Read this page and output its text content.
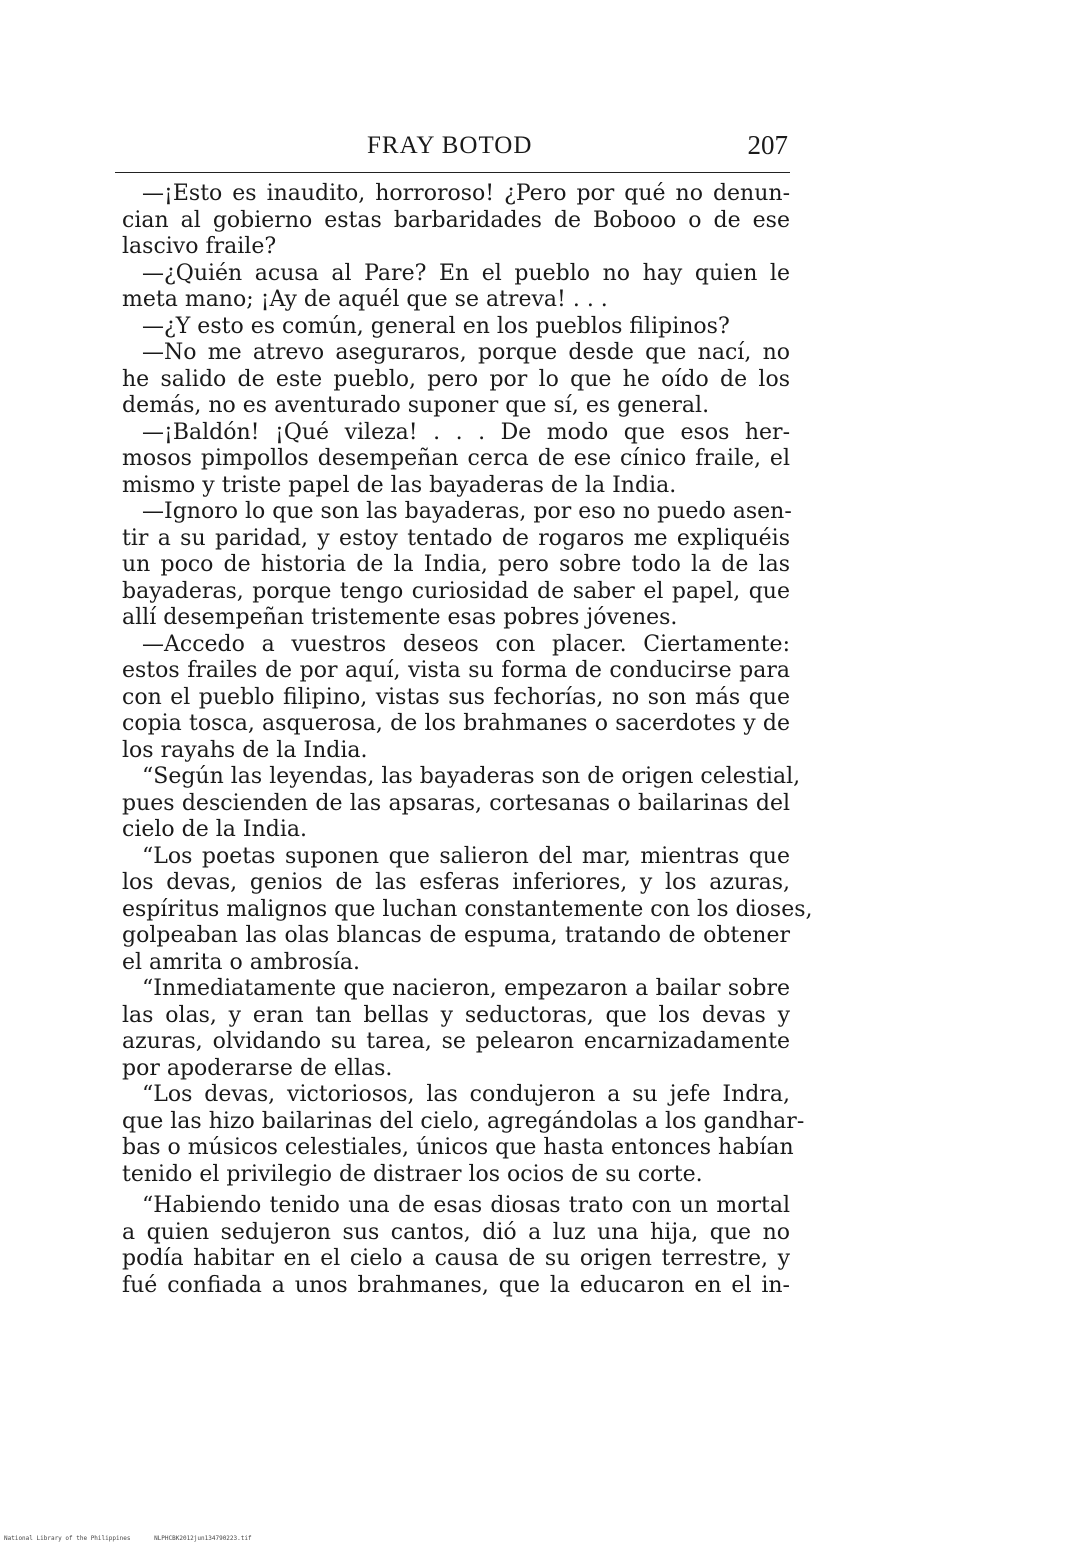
FRAY BOTOD	207
—¡Esto es inaudito, horroroso! ¿Pero por qué no denun-
cian al gobierno estas barbaridades de Bobooo o de ese
lascivo fraile?
—¿Quién acusa al Pare? En el pueblo no hay quien le
meta mano; ¡Ay de aquél que se atreva! . . .
—¿Y esto es común, general en los pueblos filipinos?
—No me atrevo aseguraros, porque desde que nací, no
he salido de este pueblo, pero por lo que he oído de los
demás, no es aventurado suponer que sí, es general.
—¡Baldón! ¡Qué vileza! . . . De modo que esos her-
mosos pimpollos desempeñan cerca de ese cínico fraile, el
mismo y triste papel de las bayaderas de la India.
—Ignoro lo que son las bayaderas, por eso no puedo asen-
tir a su paridad, y estoy tentado de rogaros me expliquéis
un poco de historia de la India, pero sobre todo la de las
bayaderas, porque tengo curiosidad de saber el papel, que
allí desempeñan tristemente esas pobres jóvenes.
—Accedo a vuestros deseos con placer. Ciertamente:
estos frailes de por aquí, vista su forma de conducirse para
con el pueblo filipino, vistas sus fechorías, no son más que
copia tosca, asquerosa, de los brahmanes o sacerdotes y de
los rayahs de la India.
“Según las leyendas, las bayaderas son de origen celestial,
pues descienden de las apsaras, cortesanas o bailarinas del
cielo de la India.
“Los poetas suponen que salieron del mar, mientras que
los devas, genios de las esferas inferiores, y los azuras,
espíritus malignos que luchan constantemente con los dioses,
golpeaban las olas blancas de espuma, tratando de obtener
el amrita o ambrosía.
“Inmediatamente que nacieron, empezaron a bailar sobre
las olas, y eran tan bellas y seductoras, que los devas y
azuras, olvidando su tarea, se pelearon encarnizadamente
por apoderarse de ellas.
“Los devas, victoriosos, las condujeron a su jefe Indra,
que las hizo bailarinas del cielo, agregándolas a los gandhar-
bas o músicos celestiales, únicos que hasta entonces habían
tenido el privilegio de distraer los ocios de su corte.
“Habiendo tenido una de esas diosas trato con un mortal
a quien sedujeron sus cantos, dió a luz una hija, que no
podía habitar en el cielo a causa de su origen terrestre, y
fué confiada a unos brahmanes, que la educaron en el in-
National Library of the Philippines	NLPHCBK2012jun134790223.tif
